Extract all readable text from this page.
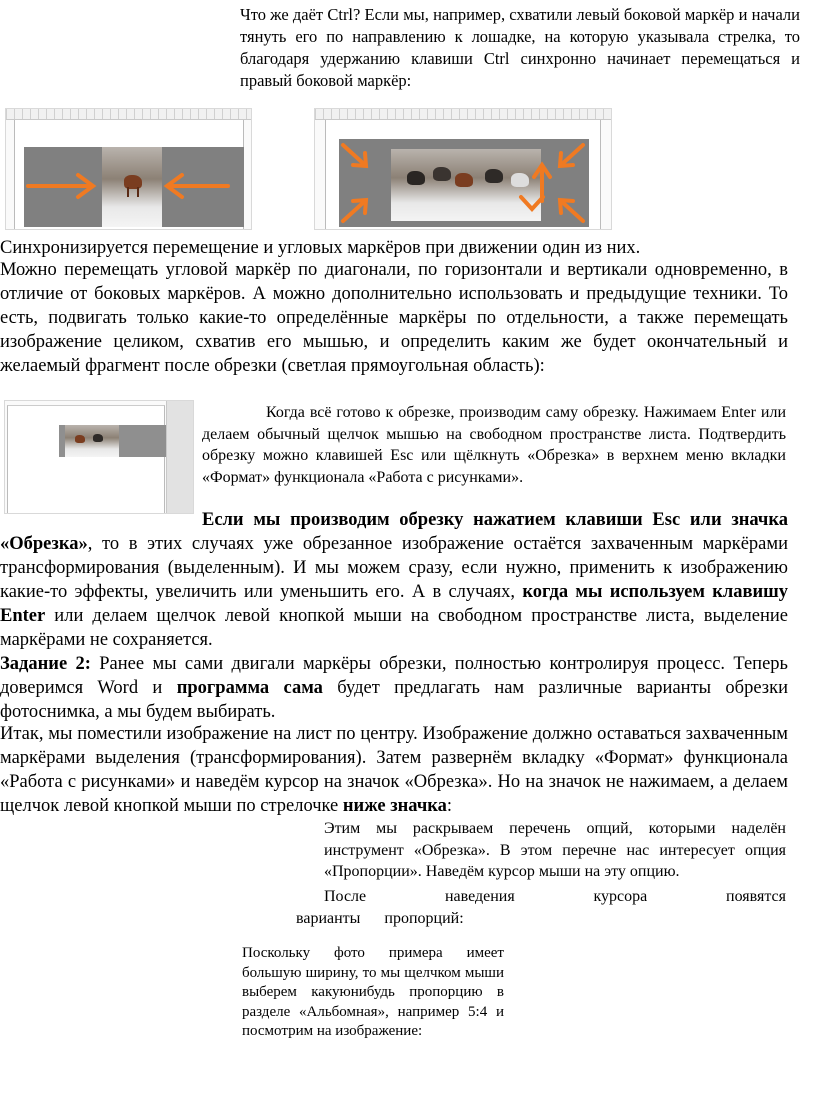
Что же даёт Ctrl? Если мы, например, схватили левый боковой маркёр и начали тянуть его по направлению к лошадке, на которую указывала стрелка, то благодаря удержанию клавиши Ctrl синхронно начинает перемещаться и правый боковой маркёр:
Синхронизируется перемещение и угловых маркёров при движении один из них.
Можно перемещать угловой маркёр по диагонали, по горизонтали и вертикали одновременно, в отличие от боковых маркёров. А можно дополнительно использовать и предыдущие техники. То есть, подвигать только какие-то определённые маркёры по отдельности, а также перемещать изображение целиком, схватив его мышью, и определить каким же будет окончательный и желаемый фрагмент после обрезки (светлая прямоугольная область):
Когда всё готово к обрезке, производим саму обрезку. Нажимаем Enter или делаем обычный щелчок мышью на свободном пространстве листа. Подтвердить обрезку можно клавишей Esc или щёлкнуть «Обрезка» в верхнем меню вкладки «Формат» функционала «Работа с рисунками».
Если мы производим обрезку нажатием клавиши Esc или значка «Обрезка», то в этих случаях уже обрезанное изображение остаётся захваченным маркёрами трансформирования (выделенным). И мы можем сразу, если нужно, применить к изображению какие-то эффекты, увеличить или уменьшить его. А в случаях, когда мы используем клавишу Enter или делаем щелчок левой кнопкой мыши на свободном пространстве листа, выделение маркёрами не сохраняется.
Задание 2: Ранее мы сами двигали маркёры обрезки, полностью контролируя процесс. Теперь доверимся Word и программа сама будет предлагать нам различные варианты обрезки фотоснимка, а мы будем выбирать.
Итак, мы поместили изображение на лист по центру. Изображение должно оставаться захваченным маркёрами выделения (трансформирования). Затем развернём вкладку «Формат» функционала «Работа с рисунками» и наведём курсор на значок «Обрезка». Но на значок не нажимаем, а делаем щелчок левой кнопкой мыши по стрелочке ниже значка:
Этим мы раскрываем перечень опций, которыми наделён инструмент «Обрезка». В этом перечне нас интересует опция «Пропорции». Наведём курсор мыши на эту опцию.
После наведения курсора появятся
варианты пропорций:
Поскольку фото примера имеет большую ширину, то мы щелчком мыши выберем какуюнибудь пропорцию в разделе «Альбомная», например 5:4 и посмотрим на изображение:
